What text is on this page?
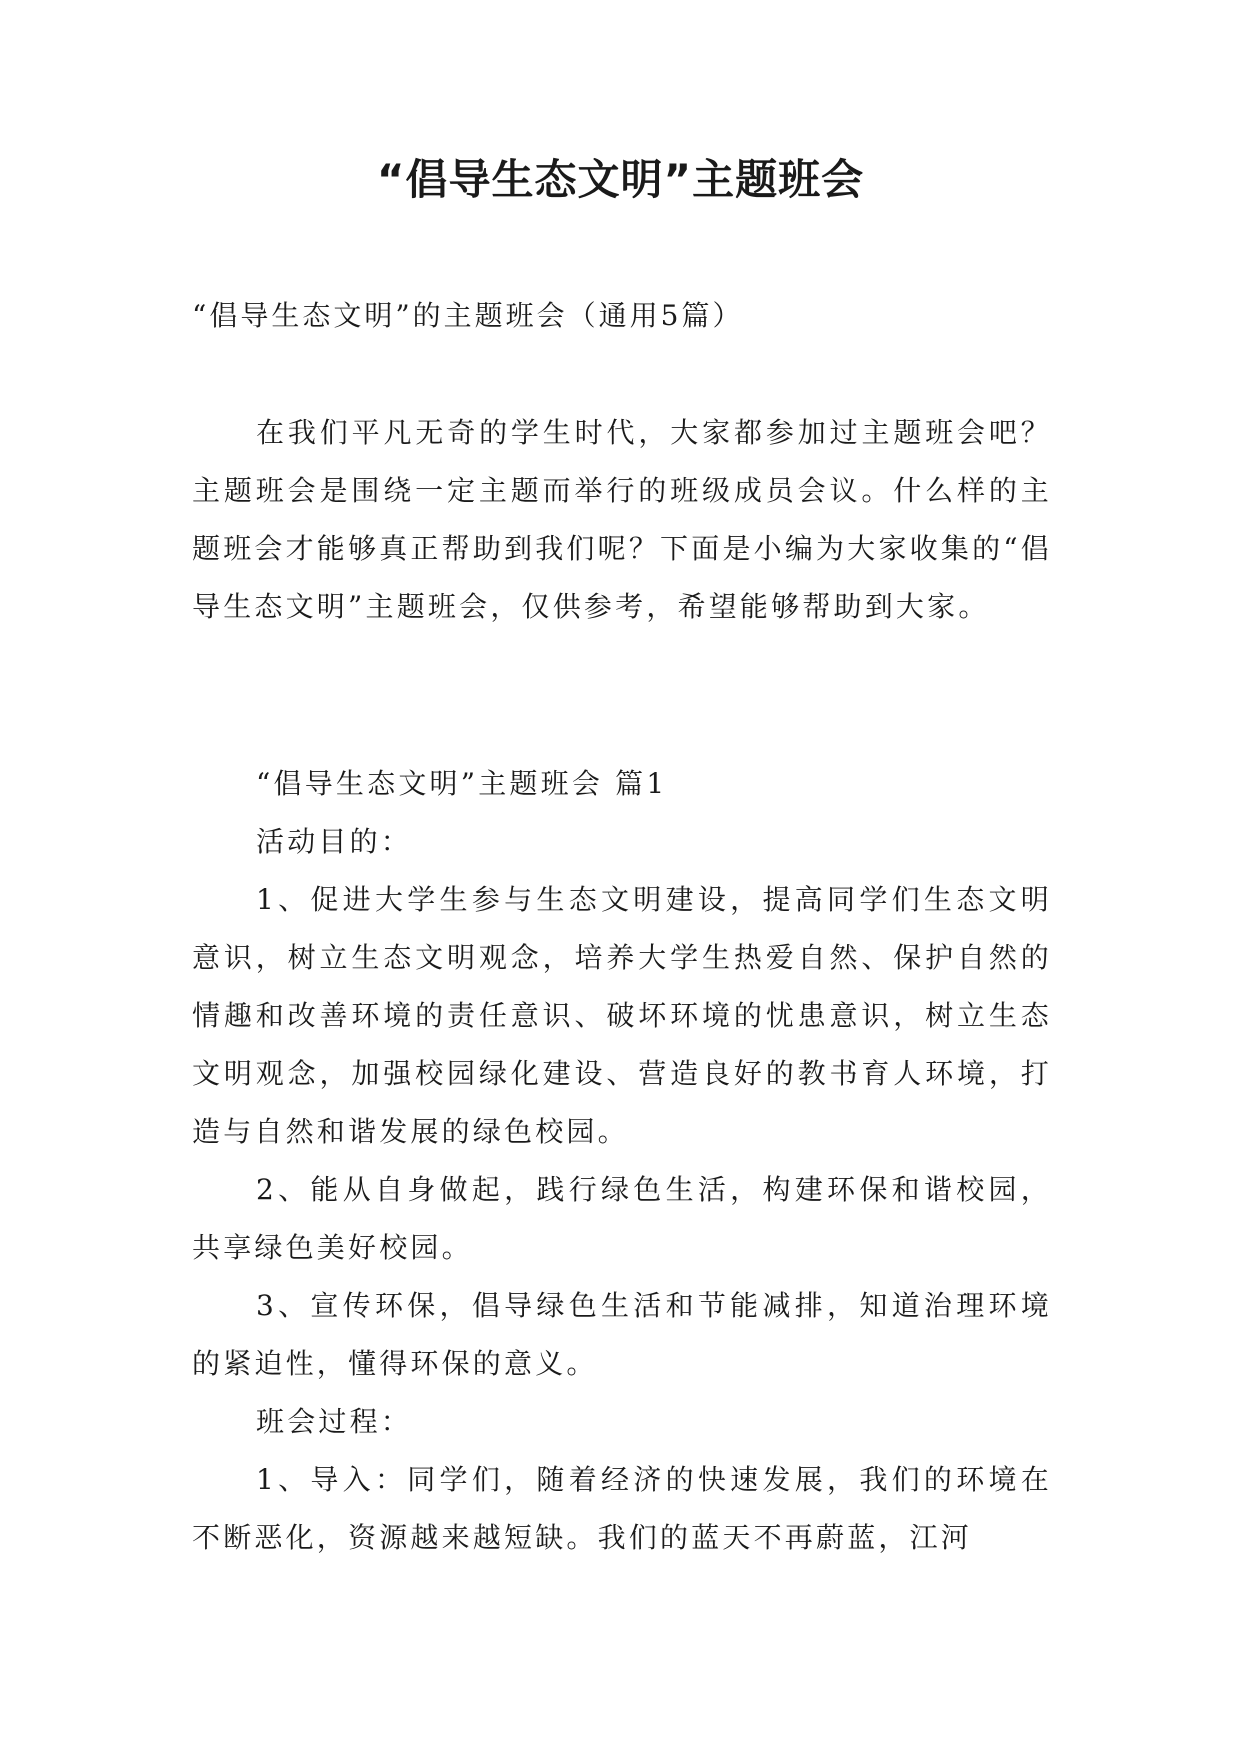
“倡导生态文明”主题班会

“倡导生态文明”的主题班会（通用5篇）

在我们平凡无奇的学生时代，大家都参加过主题班会吧？主题班会是围绕一定主题而举行的班级成员会议。什么样的主题班会才能够真正帮助到我们呢？下面是小编为大家收集的“倡导生态文明”主题班会，仅供参考，希望能够帮助到大家。

“倡导生态文明”主题班会 篇1

活动目的：

1、促进大学生参与生态文明建设，提高同学们生态文明意识，树立生态文明观念，培养大学生热爱自然、保护自然的情趣和改善环境的责任意识、破坏环境的忧患意识，树立生态文明观念，加强校园绿化建设、营造良好的教书育人环境，打造与自然和谐发展的绿色校园。

2、能从自身做起，践行绿色生活，构建环保和谐校园，共享绿色美好校园。

3、宣传环保，倡导绿色生活和节能减排，知道治理环境的紧迫性，懂得环保的意义。

班会过程：

1、导入：同学们，随着经济的快速发展，我们的环境在不断恶化，资源越来越短缺。我们的蓝天不再蔚蓝，江河
